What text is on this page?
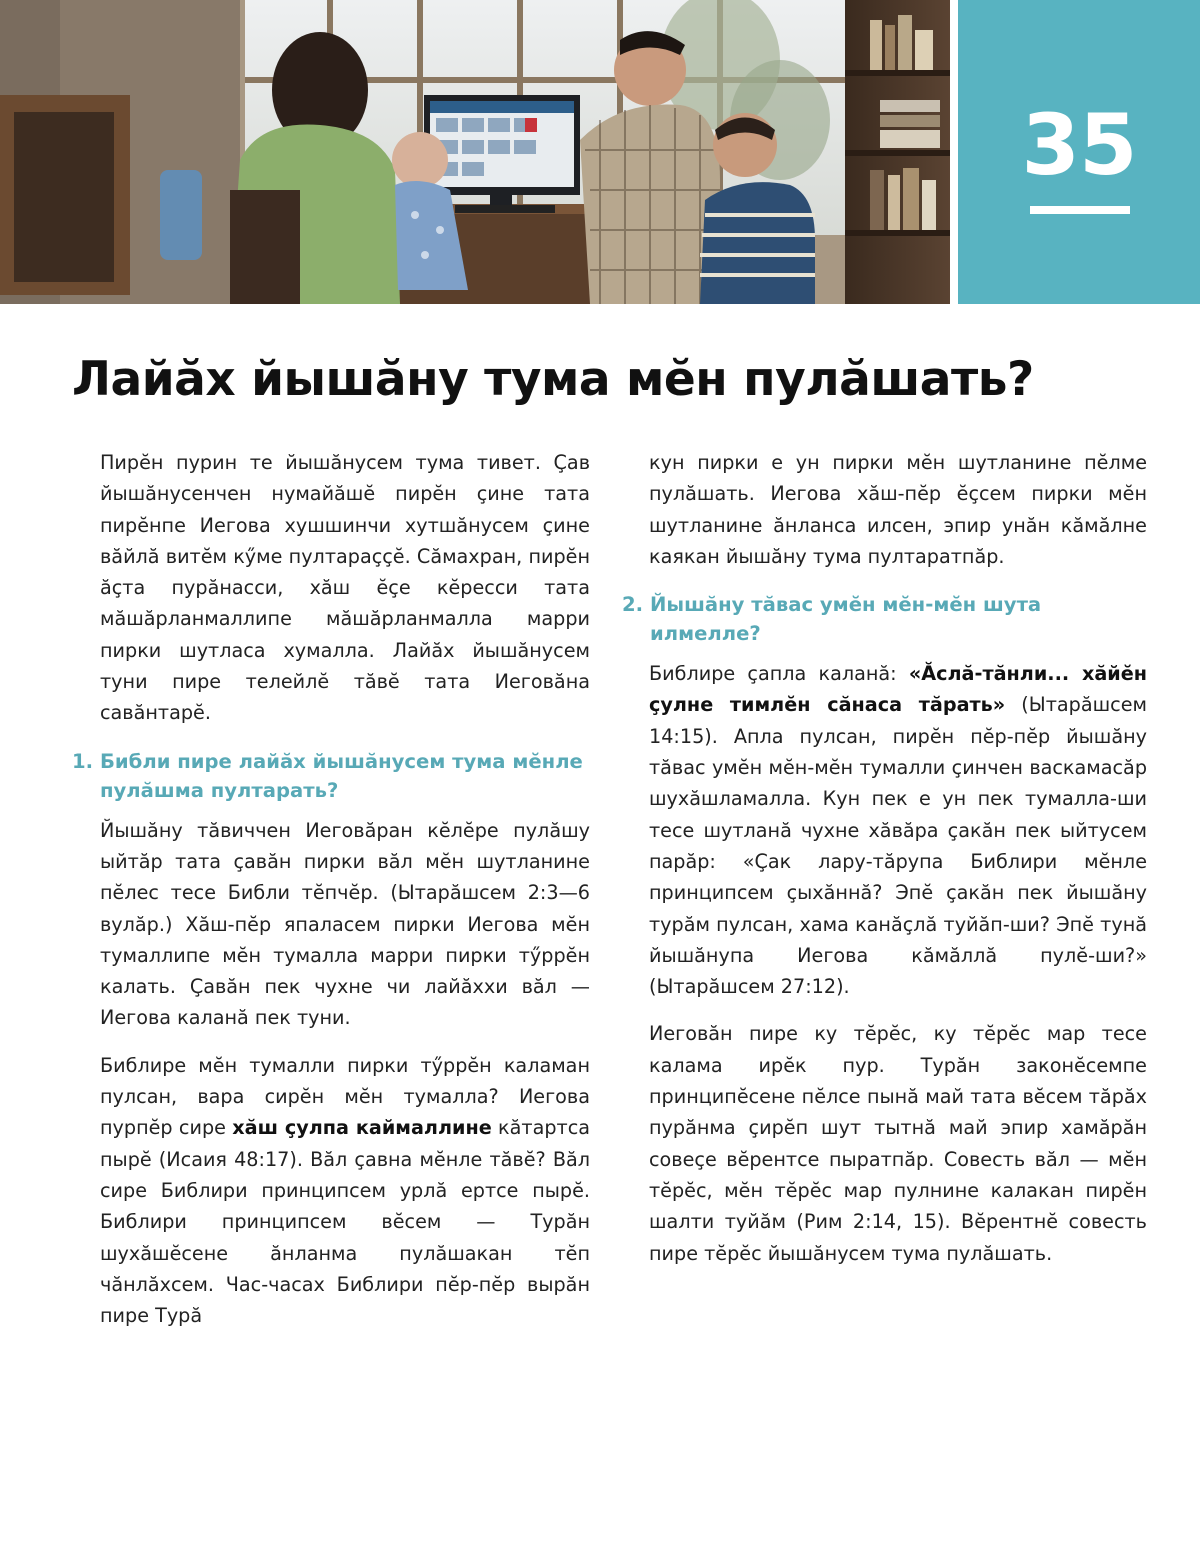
35
Лайӑх йышӑну тума мӗн пулӑшать?

Пирӗн пурин те йышӑнусем тума тивет. Ҫав йышӑнусенчен нумайӑшӗ пирӗн ҫине тата пирӗнпе Иегова хушшинчи хутшӑнусем ҫине вӑйлӑ витӗм кӳме пултараҫҫӗ. Сӑмахран, пирӗн ӑҫта пурӑнасси, хӑш ӗҫе кӗресси тата мӑшӑрланмаллипе мӑшӑрланмалла марри пирки шутласа хумалла. Лайӑх йышӑнусем туни пире телейлӗ тӑвӗ тата Иеговӑна савӑнтарӗ.

1. Библи пире лайӑх йышӑнусем тума мӗнле
пулӑшма пултарать?

Йышӑну тӑвиччен Иеговӑран кӗлӗре пулӑшу ыйтӑр тата ҫавӑн пирки вӑл мӗн шутланине пӗлес тесе Библи тӗпчӗр. (Ытарӑшсем 2:3—6 вулӑр.) Хӑш-пӗр япаласем пирки Иегова мӗн тумаллипе мӗн тумалла марри пирки тӳррӗн калать. Ҫавӑн пек чухне чи лайӑххи вӑл — Иегова каланӑ пек туни.

Библире мӗн тумалли пирки тӳррӗн каламан пулсан, вара сирӗн мӗн тумалла? Иегова пурпӗр сире хӑш ҫулпа каймаллине кӑтартса пырӗ (Исаия 48:17). Вӑл ҫавна мӗнле тӑвӗ? Вӑл сире Библири принципсем урлӑ ертсе пырӗ. Библири принципсем вӗсем — Турӑн шухӑшӗсене ӑнланма пулӑшакан тӗп чӑнлӑхсем. Час-часах Библири пӗр-пӗр вырӑн пире Турӑ

кун пирки е ун пирки мӗн шутланине пӗлме пулӑшать. Иегова хӑш-пӗр ӗҫсем пирки мӗн шутланине ӑнланса илсен, эпир унӑн кӑмӑлне каякан йышӑну тума пултаратпӑр.

2. Йышӑну тӑвас умӗн мӗн-мӗн шута
илмелле?

Библире ҫапла каланӑ: «Ӑслӑ-тӑнли... хӑйӗн ҫулне тимлӗн сӑнаса тӑрать» (Ытарӑшсем 14:15). Апла пулсан, пирӗн пӗр-пӗр йышӑну тӑвас умӗн мӗн-мӗн тумалли ҫинчен васкамасӑр шухӑшламалла. Кун пек е ун пек тумалла-ши тесе шутланӑ чухне хӑвӑра ҫакӑн пек ыйтусем парӑр: «Ҫак лару-тӑрупа Библири мӗнле принципсем ҫыхӑннӑ? Эпӗ ҫакӑн пек йышӑну турӑм пулсан, хама канӑҫлӑ туйӑп-ши? Эпӗ тунӑ йышӑнупа Иегова кӑмӑллӑ пулӗ-ши?» (Ытарӑшсем 27:12).

Иеговӑн пире ку тӗрӗс, ку тӗрӗс мар тесе калама ирӗк пур. Турӑн законӗсемпе принципӗсене пӗлсе пынӑ май тата вӗсем тӑрӑх пурӑнма ҫирӗп шут тытнӑ май эпир хамӑрӑн совеҫе вӗрентсе пыратпӑр. Совесть вӑл — мӗн тӗрӗс, мӗн тӗрӗс мар пулнине калакан пирӗн шалти туйӑм (Рим 2:14, 15). Вӗрентнӗ совесть пире тӗрӗс йышӑнусем тума пулӑшать.
